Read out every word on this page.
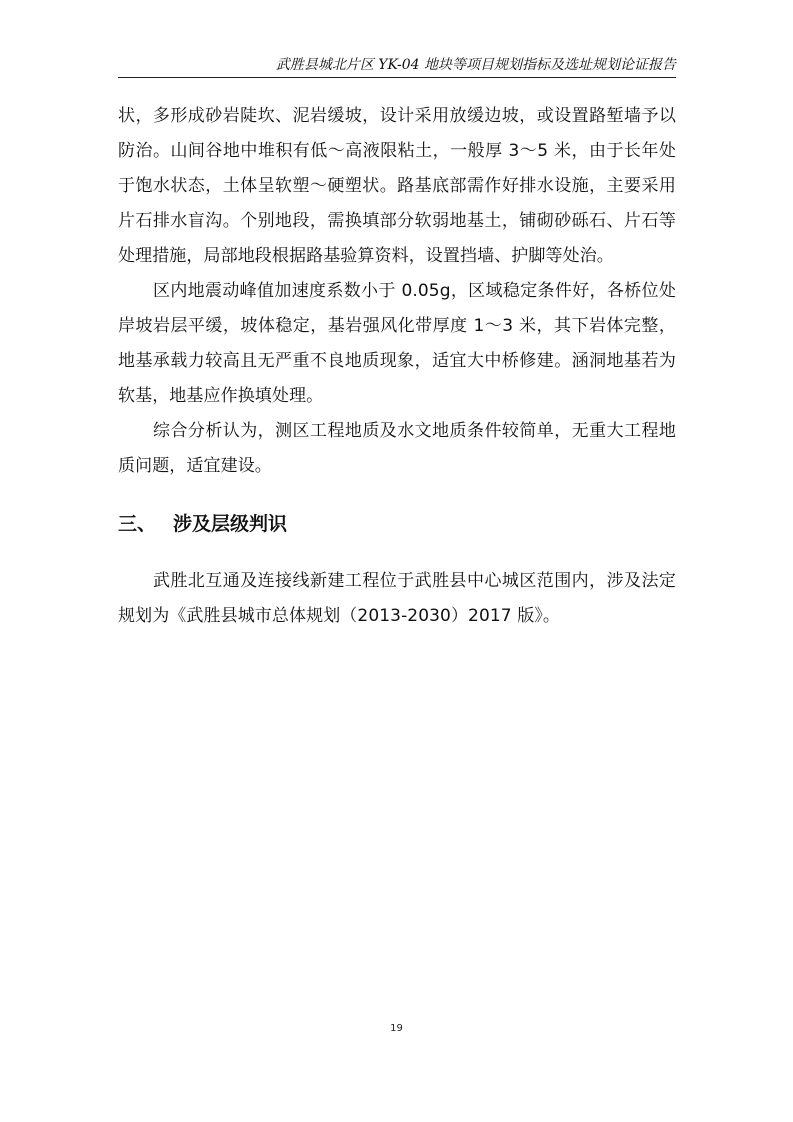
武胜县城北片区 YK-04 地块等项目规划指标及选址规划论证报告

状，多形成砂岩陡坎、泥岩缓坡，设计采用放缓边坡，或设置路堑墙予以防治。山间谷地中堆积有低～高液限粘土，一般厚 3～5 米，由于长年处于饱水状态，土体呈软塑～硬塑状。路基底部需作好排水设施，主要采用片石排水盲沟。个别地段，需换填部分软弱地基土，铺砌砂砾石、片石等处理措施，局部地段根据路基验算资料，设置挡墙、护脚等处治。

区内地震动峰值加速度系数小于 0.05g，区域稳定条件好，各桥位处岸坡岩层平缓，坡体稳定，基岩强风化带厚度 1～3 米，其下岩体完整，地基承载力较高且无严重不良地质现象，适宜大中桥修建。涵洞地基若为软基，地基应作换填处理。

综合分析认为，测区工程地质及水文地质条件较简单，无重大工程地质问题，适宜建设。

三、 涉及层级判识

武胜北互通及连接线新建工程位于武胜县中心城区范围内，涉及法定规划为《武胜县城市总体规划（2013-2030）2017 版》。

19
